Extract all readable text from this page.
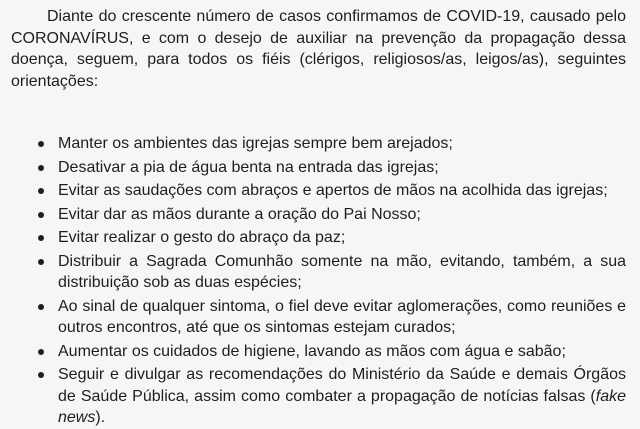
Diante do crescente número de casos confirmamos de COVID-19, causado pelo CORONAVÍRUS, e com o desejo de auxiliar na prevenção da propagação dessa doença, seguem, para todos os fiéis (clérigos, religiosos/as, leigos/as), seguintes orientações:

Manter os ambientes das igrejas sempre bem arejados;
Desativar a pia de água benta na entrada das igrejas;
Evitar as saudações com abraços e apertos de mãos na acolhida das igrejas;
Evitar dar as mãos durante a oração do Pai Nosso;
Evitar realizar o gesto do abraço da paz;
Distribuir a Sagrada Comunhão somente na mão, evitando, também, a sua distribuição sob as duas espécies;
Ao sinal de qualquer sintoma, o fiel deve evitar aglomerações, como reuniões e outros encontros, até que os sintomas estejam curados;
Aumentar os cuidados de higiene, lavando as mãos com água e sabão;
Seguir e divulgar as recomendações do Ministério da Saúde e demais Órgãos de Saúde Pública, assim como combater a propagação de notícias falsas (fake news).
